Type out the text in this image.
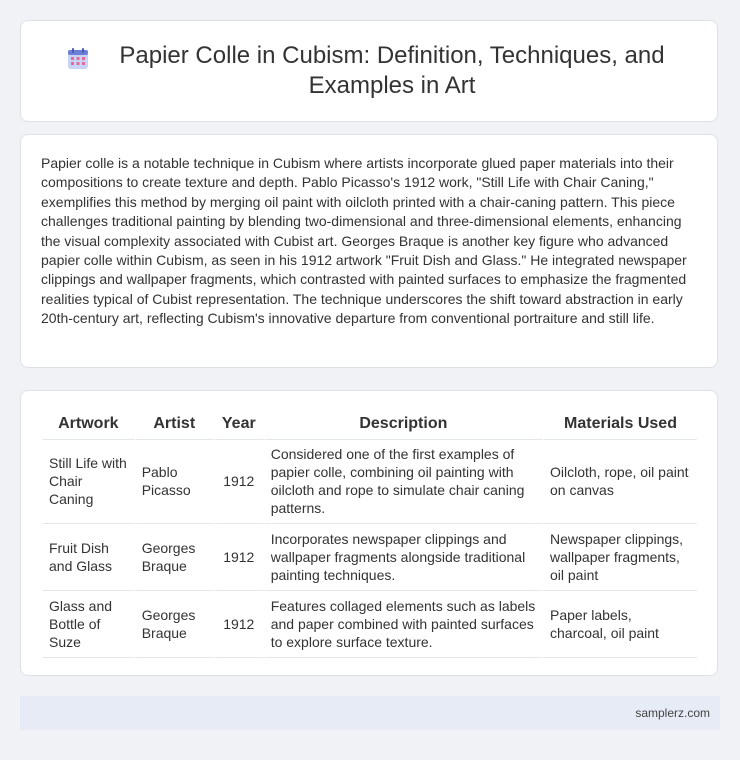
Papier Colle in Cubism: Definition, Techniques, and Examples in Art

Papier colle is a notable technique in Cubism where artists incorporate glued paper materials into their compositions to create texture and depth. Pablo Picasso's 1912 work, "Still Life with Chair Caning," exemplifies this method by merging oil paint with oilcloth printed with a chair-caning pattern. This piece challenges traditional painting by blending two-dimensional and three-dimensional elements, enhancing the visual complexity associated with Cubist art. Georges Braque is another key figure who advanced papier colle within Cubism, as seen in his 1912 artwork "Fruit Dish and Glass." He integrated newspaper clippings and wallpaper fragments, which contrasted with painted surfaces to emphasize the fragmented realities typical of Cubist representation. The technique underscores the shift toward abstraction in early 20th-century art, reflecting Cubism's innovative departure from conventional portraiture and still life.

Artwork	Artist	Year	Description	Materials Used
Still Life with Chair Caning	Pablo Picasso	1912	Considered one of the first examples of papier colle, combining oil painting with oilcloth and rope to simulate chair caning patterns.	Oilcloth, rope, oil paint on canvas
Fruit Dish and Glass	Georges Braque	1912	Incorporates newspaper clippings and wallpaper fragments alongside traditional painting techniques.	Newspaper clippings, wallpaper fragments, oil paint
Glass and Bottle of Suze	Georges Braque	1912	Features collaged elements such as labels and paper combined with painted surfaces to explore surface texture.	Paper labels, charcoal, oil paint
samplerz.com
